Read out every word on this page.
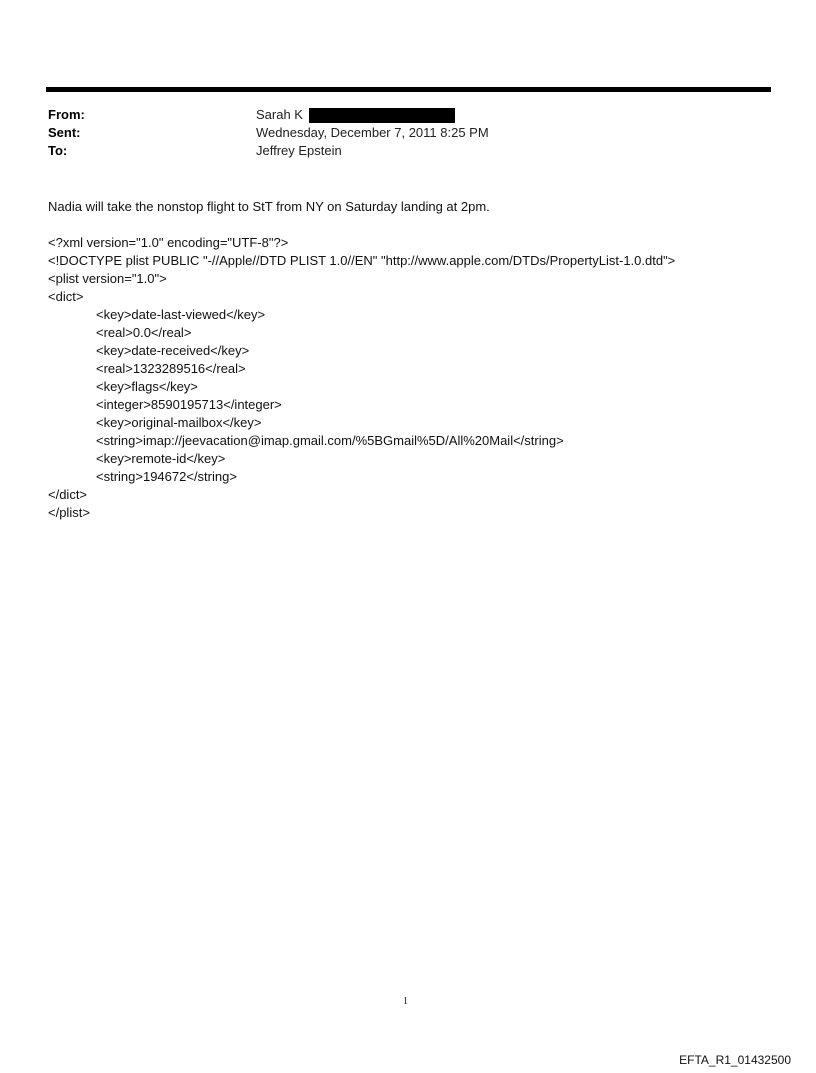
From:	Sarah K
Sent:	Wednesday, December 7, 2011 8:25 PM
To:	Jeffrey Epstein
Nadia will take the nonstop flight to StT from NY on Saturday landing at 2pm.
<?xml version="1.0" encoding="UTF-8"?>
<!DOCTYPE plist PUBLIC "-//Apple//DTD PLIST 1.0//EN" "http://www.apple.com/DTDs/PropertyList-1.0.dtd">
<plist version="1.0">
<dict>
<key>date-last-viewed</key>
<real>0.0</real>
<key>date-received</key>
<real>1323289516</real>
<key>flags</key>
<integer>8590195713</integer>
<key>original-mailbox</key>
<string>imap://jeevacation@imap.gmail.com/%5BGmail%5D/All%20Mail</string>
<key>remote-id</key>
<string>194672</string>
</dict>
</plist>
1
EFTA_R1_01432500
